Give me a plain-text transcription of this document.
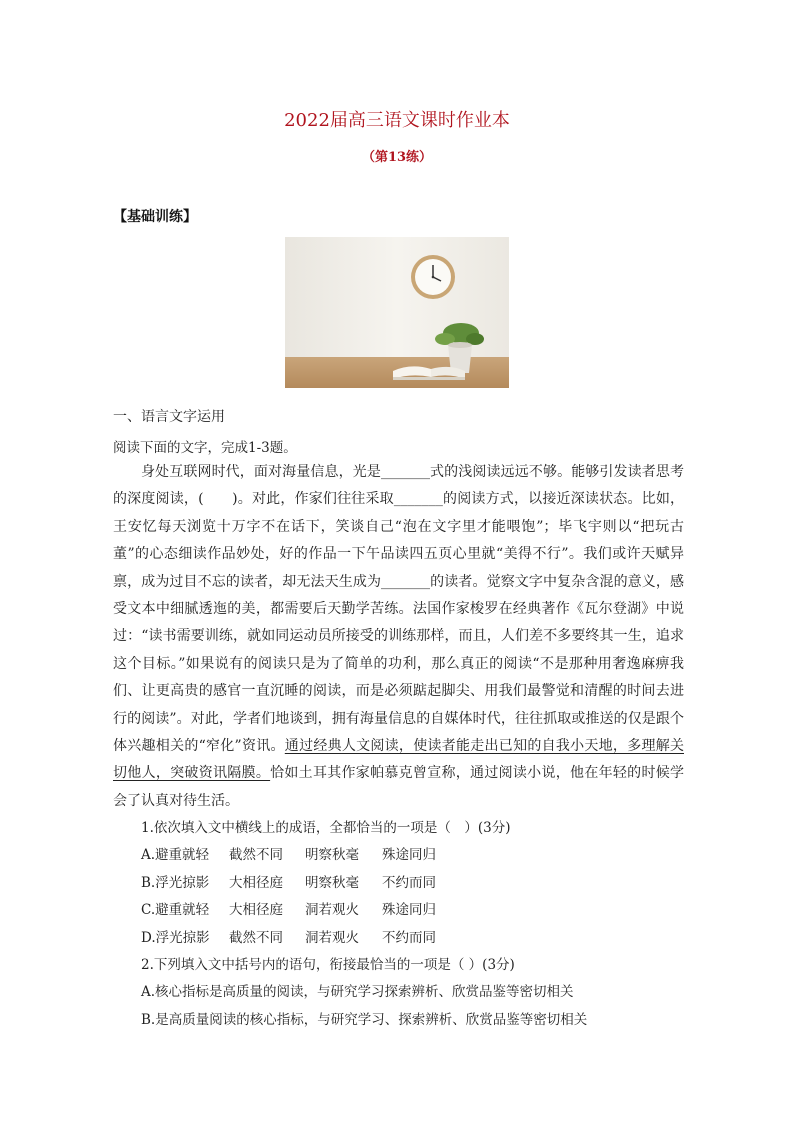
2022届高三语文课时作业本
（第13练）
【基础训练】
一、语言文字运用
阅读下面的文字，完成1-3题。

身处互联网时代，面对海量信息，光是_______式的浅阅读远远不够。能够引发读者思考的深度阅读，(　　)。对此，作家们往往采取_______的阅读方式，以接近深读状态。比如，王安忆每天浏览十万字不在话下，笑谈自己“泡在文字里才能喂饱”；毕飞宇则以“把玩古董”的心态细读作品妙处，好的作品一下午品读四五页心里就“美得不行”。我们或许天赋异禀，成为过目不忘的读者，却无法天生成为_______的读者。觉察文字中复杂含混的意义，感受文本中细腻透迤的美，都需要后天勤学苦练。法国作家梭罗在经典著作《瓦尔登湖》中说过：“读书需要训练，就如同运动员所接受的训练那样，而且，人们差不多要终其一生，追求这个目标。”如果说有的阅读只是为了简单的功利，那么真正的阅读“不是那种用奢逸麻痹我们、让更高贵的感官一直沉睡的阅读，而是必须踮起脚尖、用我们最警觉和清醒的时间去进行的阅读”。对此，学者们地谈到，拥有海量信息的自媒体时代，往往抓取或推送的仅是跟个体兴趣相关的“窄化”资讯。通过经典人文阅读，使读者能走出已知的自我小天地，多理解关切他人，突破资讯隔膜。恰如土耳其作家帕慕克曾宣称，通过阅读小说，他在年轻的时候学会了认真对待生活。

1.依次填入文中横线上的成语，全都恰当的一项是（　）(3分)
A.避重就轻 截然不同 明察秋毫 殊途同归
B.浮光掠影 大相径庭 明察秋毫 不约而同
C.避重就轻 大相径庭 洞若观火 殊途同归
D.浮光掠影 截然不同 洞若观火 不约而同
2.下列填入文中括号内的语句，衔接最恰当的一项是（ ）(3分)
A.核心指标是高质量的阅读，与研究学习探索辨析、欣赏品鉴等密切相关
B.是高质量阅读的核心指标，与研究学习、探索辨析、欣赏品鉴等密切相关
